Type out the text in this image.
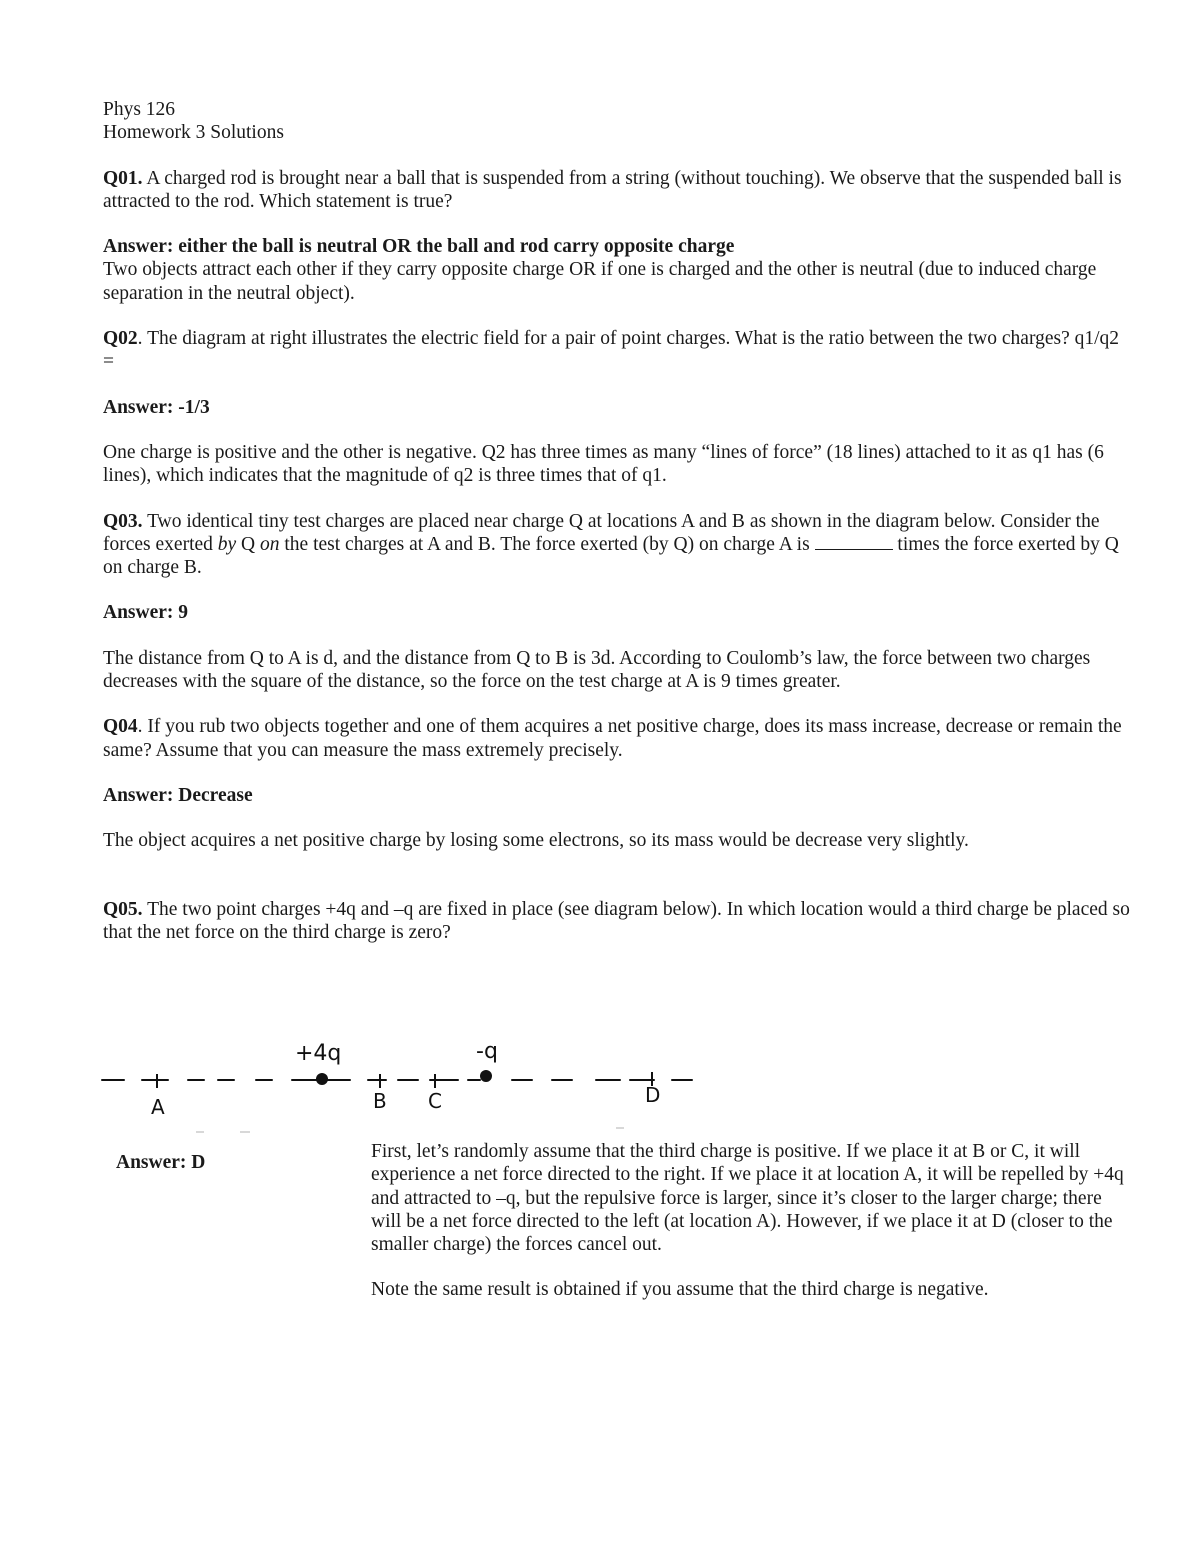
Phys 126

Homework 3 Solutions

Q01. A charged rod is brought near a ball that is suspended from a string (without touching). We observe that the suspended ball is attracted to the rod. Which statement is true?

Answer: either the ball is neutral OR the ball and rod carry opposite charge

Two objects attract each other if they carry opposite charge OR if one is charged and the other is neutral (due to induced charge separation in the neutral object).

Q02. The diagram at right illustrates the electric field for a pair of point charges. What is the ratio between the two charges? q1/q2 =

Answer: -1/3

One charge is positive and the other is negative. Q2 has three times as many “lines of force” (18 lines) attached to it as q1 has (6 lines), which indicates that the magnitude of q2 is three times that of q1.

Q03. Two identical tiny test charges are placed near charge Q at locations A and B as shown in the diagram below. Consider the forces exerted by Q on the test charges at A and B. The force exerted (by Q) on charge A is	times the force exerted by Q on charge B.

Answer: 9

The distance from Q to A is d, and the distance from Q to B is 3d. According to Coulomb’s law, the force between two charges decreases with the square of the distance, so the force on the test charge at A is 9 times greater.

Q04. If you rub two objects together and one of them acquires a net positive charge, does its mass increase, decrease or remain the same? Assume that you can measure the mass extremely precisely.

Answer: Decrease

The object acquires a net positive charge by losing some electrons, so its mass would be decrease very slightly.

Q05. The two point charges +4q and –q are fixed in place (see diagram below). In which location would a third charge be placed so that the net force on the third charge is zero?

+4q	-q
A	B C	D

Answer: D

First, let’s randomly assume that the third charge is positive. If we place it at B or C, it will experience a net force directed to the right. If we place it at location A, it will be repelled by +4q and attracted to –q, but the repulsive force is larger, since it’s closer to the larger charge; there will be a net force directed to the left (at location A). However, if we place it at D (closer to the smaller charge) the forces cancel out.

Note the same result is obtained if you assume that the third charge is negative.
